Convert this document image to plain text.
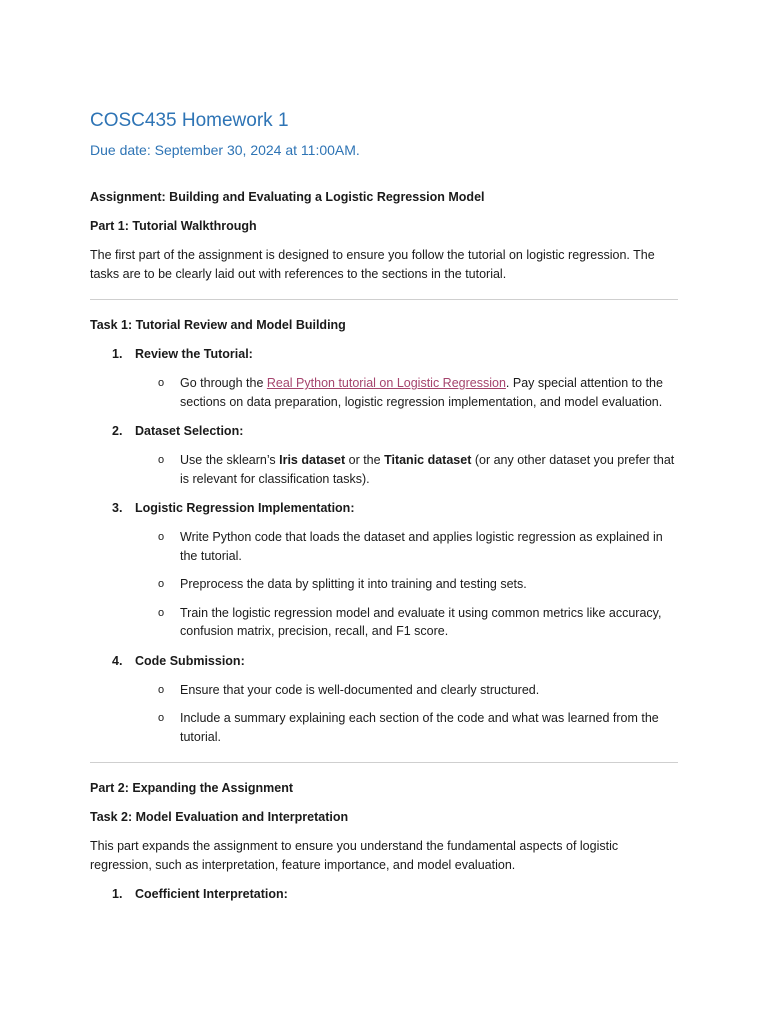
COSC435 Homework 1
Due date: September 30, 2024 at 11:00AM.
Assignment: Building and Evaluating a Logistic Regression Model
Part 1: Tutorial Walkthrough
The first part of the assignment is designed to ensure you follow the tutorial on logistic regression. The tasks are to be clearly laid out with references to the sections in the tutorial.
Task 1: Tutorial Review and Model Building
1. Review the Tutorial:
o Go through the Real Python tutorial on Logistic Regression. Pay special attention to the sections on data preparation, logistic regression implementation, and model evaluation.
2. Dataset Selection:
o Use the sklearn’s Iris dataset or the Titanic dataset (or any other dataset you prefer that is relevant for classification tasks).
3. Logistic Regression Implementation:
o Write Python code that loads the dataset and applies logistic regression as explained in the tutorial.
o Preprocess the data by splitting it into training and testing sets.
o Train the logistic regression model and evaluate it using common metrics like accuracy, confusion matrix, precision, recall, and F1 score.
4. Code Submission:
o Ensure that your code is well-documented and clearly structured.
o Include a summary explaining each section of the code and what was learned from the tutorial.
Part 2: Expanding the Assignment
Task 2: Model Evaluation and Interpretation
This part expands the assignment to ensure you understand the fundamental aspects of logistic regression, such as interpretation, feature importance, and model evaluation.
1. Coefficient Interpretation:
